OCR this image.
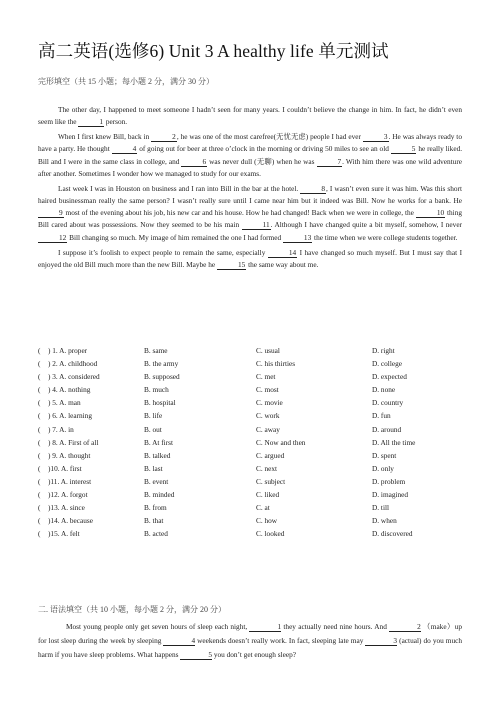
高二英语(选修6) Unit 3 A healthy life 单元测试
完形填空（共 15 小题；每小题 2 分，满分 30 分）

The other day, I happened to meet someone I hadn’t seen for many years. I couldn’t believe the change in him. In fact, he didn’t even seem like the	1 person.

When I first knew Bill, back in	2, he was one of the most carefree(无忧无虑) people I had ever	3. He was always ready to have a party. He thought	4 of going out for beer at three o’clock in the morning or driving 50 miles to see an old	5 he really liked. Bill and I were in the same class in college, and	6 was never dull (无聊) when he was	7. With him there was one wild adventure after another. Sometimes I wonder how we managed to study for our exams.

Last week I was in Houston on business and I ran into Bill in the bar at the hotel.	8, I wasn’t even sure it was him. Was this short haired businessman really the same person? I wasn’t really sure until I came near him but it indeed was Bill. Now he works for a bank. He 9 most of the evening about his job, his new car and his house. How he had changed! Back when we were in college, the	10 thing Bill cared about was possessions. Now they seemed to be his main	11. Although I have changed quite a bit myself, somehow, I never 12 Bill changing so much. My image of him remained the one I had formed	13 the time when we were college students together.

I suppose it’s foolish to expect people to remain the same, especially	14 I have changed so much myself. But I must say that I enjoyed the old Bill much more than the new Bill. Maybe he	15 the same way about me.

( ) 1. A. proper	B. same	C. usual	D. right
( ) 2. A. childhood	B. the army	C. his thirties	D. college
( ) 3. A. considered	B. supposed	C. met	D. expected
( ) 4. A. nothing	B. much	C. most	D. none
( ) 5. A. man	B. hospital	C. movie	D. country
( ) 6. A. learning	B. life	C. work	D. fun
( ) 7. A. in	B. out	C. away	D. around
( ) 8. A. First of all	B. At first	C. Now and then	D. All the time
( ) 9. A. thought	B. talked	C. argued	D. spent
( )10. A. first	B. last	C. next	D. only
( )11. A. interest	B. event	C. subject	D. problem
( )12. A. forgot	B. minded	C. liked	D. imagined
( )13. A. since	B. from	C. at	D. till
( )14. A. because	B. that	C. how	D. when
( )15. A. felt	B. acted	C. looked	D. discovered
二. 语法填空（共 10 小题，每小题 2 分，满分 20 分）

Most young people only get seven hours of sleep each night,	1 they actually need nine hours. And	2 （make）up for lost sleep during the week by sleeping	4 weekends doesn’t really work. In fact, sleeping late may	3 (actual) do you much harm if you have sleep problems. What happens	5 you don’t get enough sleep?
